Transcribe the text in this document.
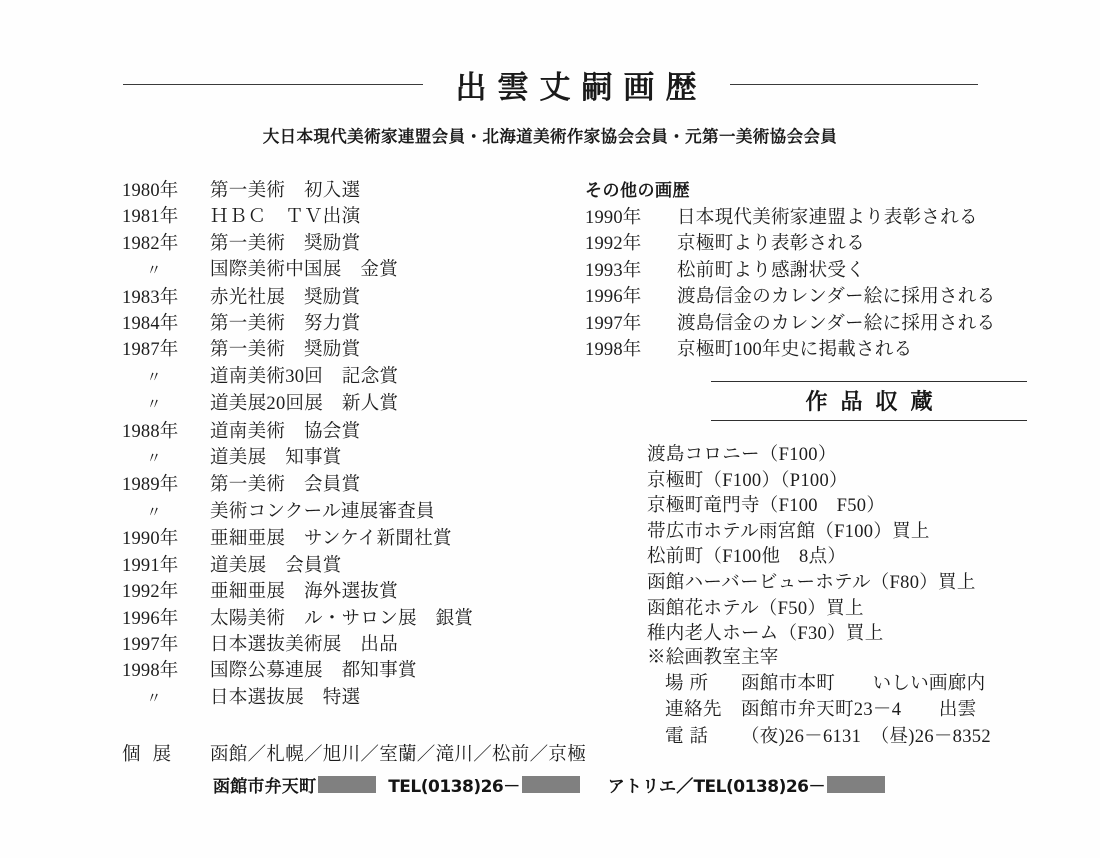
出雲丈嗣画歴
大日本現代美術家連盟会員・北海道美術作家協会会員・元第一美術協会会員
1980年	第一美術　初入選
1981年	ＨＢＣ　ＴＶ出演
1982年	第一美術　奨励賞
〃	国際美術中国展　金賞
1983年	赤光社展　奨励賞
1984年	第一美術　努力賞
1987年	第一美術　奨励賞
〃	道南美術30回　記念賞
〃	道美展20回展　新人賞
1988年	道南美術　協会賞
〃	道美展　知事賞
1989年	第一美術　会員賞
〃	美術コンクール連展審査員
1990年	亜細亜展　サンケイ新聞社賞
1991年	道美展　会員賞
1992年	亜細亜展　海外選抜賞
1996年	太陽美術　ル・サロン展　銀賞
1997年	日本選抜美術展　出品
1998年	国際公募連展　都知事賞
〃	日本選抜展　特選
個展	函館／札幌／旭川／室蘭／滝川／松前／京極
その他の画歴
1990年	日本現代美術家連盟より表彰される
1992年	京極町より表彰される
1993年	松前町より感謝状受く
1996年	渡島信金のカレンダー絵に採用される
1997年	渡島信金のカレンダー絵に採用される
1998年	京極町100年史に掲載される
作品収蔵
渡島コロニー（F100）
京極町（F100）（P100）
京極町竜門寺（F100　F50）
帯広市ホテル雨宮館（F100）買上
松前町（F100他　8点）
函館ハーバービューホテル（F80）買上
函館花ホテル（F50）買上
稚内老人ホーム（F30）買上
※絵画教室主宰
場所	函館市本町　　いしい画廊内
連絡先	函館市弁天町23－4　　出雲
電話	（夜)26－6131　（昼)26－8352
函館市弁天町	TEL(0138)26－	アトリエ／ TEL(0138)26－
